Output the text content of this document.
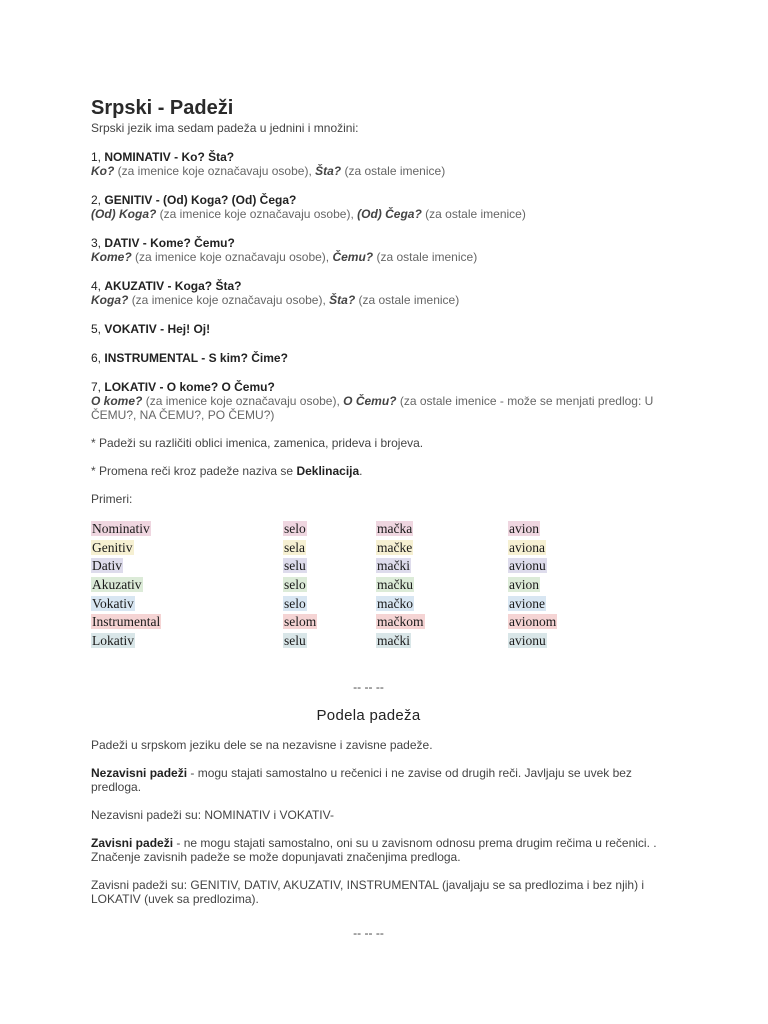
Srpski - Padeži
Srpski jezik ima sedam padeža u jednini i množini:
1, NOMINATIV - Ko? Šta?
Ko? (za imenice koje označavaju osobe), Šta? (za ostale imenice)
2, GENITIV - (Od) Koga? (Od) Čega?
(Od) Koga? (za imenice koje označavaju osobe), (Od) Čega? (za ostale imenice)
3, DATIV - Kome? Čemu?
Kome? (za imenice koje označavaju osobe), Čemu? (za ostale imenice)
4, AKUZATIV - Koga? Šta?
Koga? (za imenice koje označavaju osobe), Šta? (za ostale imenice)
5, VOKATIV - Hej! Oj!
6, INSTRUMENTAL - S kim? Čime?
7, LOKATIV - O kome? O Čemu?
O kome? (za imenice koje označavaju osobe), O Čemu? (za ostale imenice - može se menjati predlog: U ČEMU?, NA ČEMU?, PO ČEMU?)
* Padeži su različiti oblici imenica, zamenica, prideva i brojeva.
* Promena reči kroz padeže naziva se Deklinacija.
Primeri:
Nominativ	selo	mačka	avion
Genitiv	sela	mačke	aviona
Dativ	selu	mački	avionu
Akuzativ	selo	mačku	avion
Vokativ	selo	mačko	avione
Instrumental	selom	mačkom	avionom
Lokativ	selu	mački	avionu
-- -- --
Podela padeža
Padeži u srpskom jeziku dele se na nezavisne i zavisne padeže.
Nezavisni padeži - mogu stajati samostalno u rečenici i ne zavise od drugih reči. Javljaju se uvek bez predloga.
Nezavisni padeži su: NOMINATIV i VOKATIV-
Zavisni padeži - ne mogu stajati samostalno, oni su u zavisnom odnosu prema drugim rečima u rečenici. . Značenje zavisnih padeže se može dopunjavati značenjima predloga.
Zavisni padeži su: GENITIV, DATIV, AKUZATIV, INSTRUMENTAL (javaljaju se sa predlozima i bez njih) i LOKATIV (uvek sa predlozima).
-- -- --
